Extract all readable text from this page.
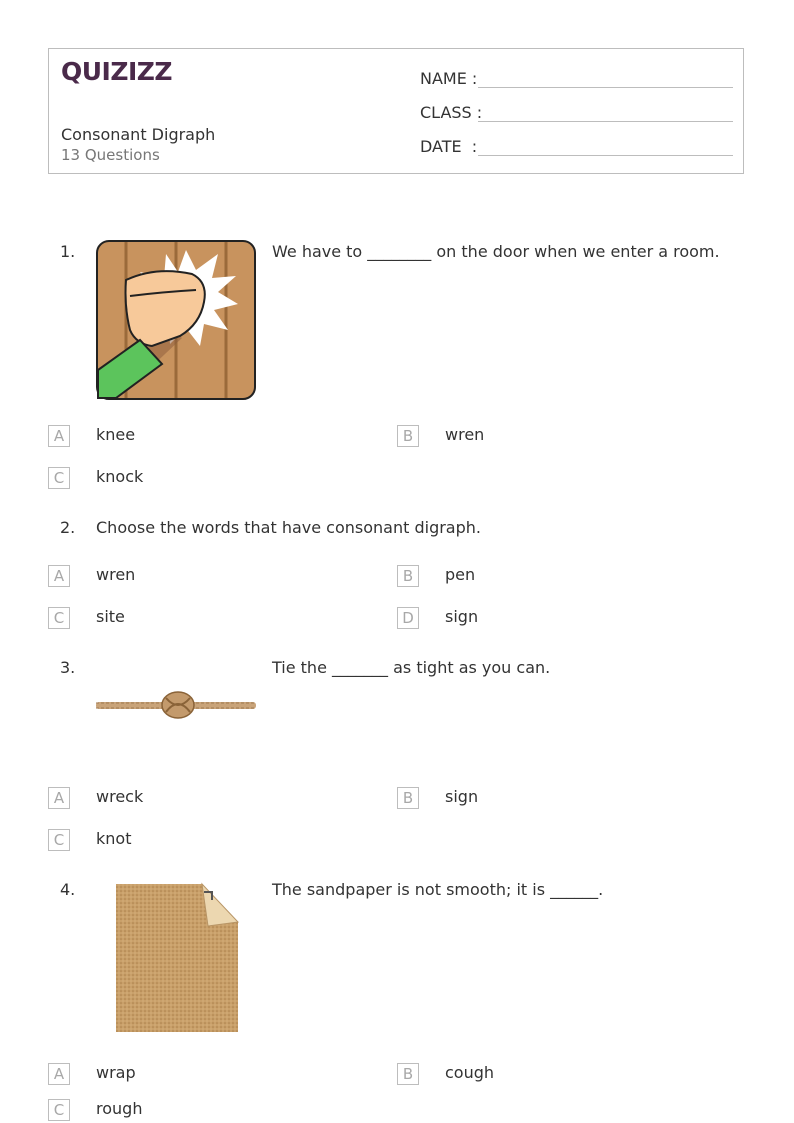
QUIZIZZ
Consonant Digraph
13 Questions
NAME :
CLASS :
DATE  :
1.	We have to ________ on the door when we enter a room.
A	knee	B	wren
C	knock
2. Choose the words that have consonant digraph.
A	wren	B	pen
C	site	D	sign
3.	Tie the _______ as tight as you can.
A	wreck	B	sign
C	knot
4.	The sandpaper is not smooth; it is ______.
A	wrap	B	cough
C	rough
